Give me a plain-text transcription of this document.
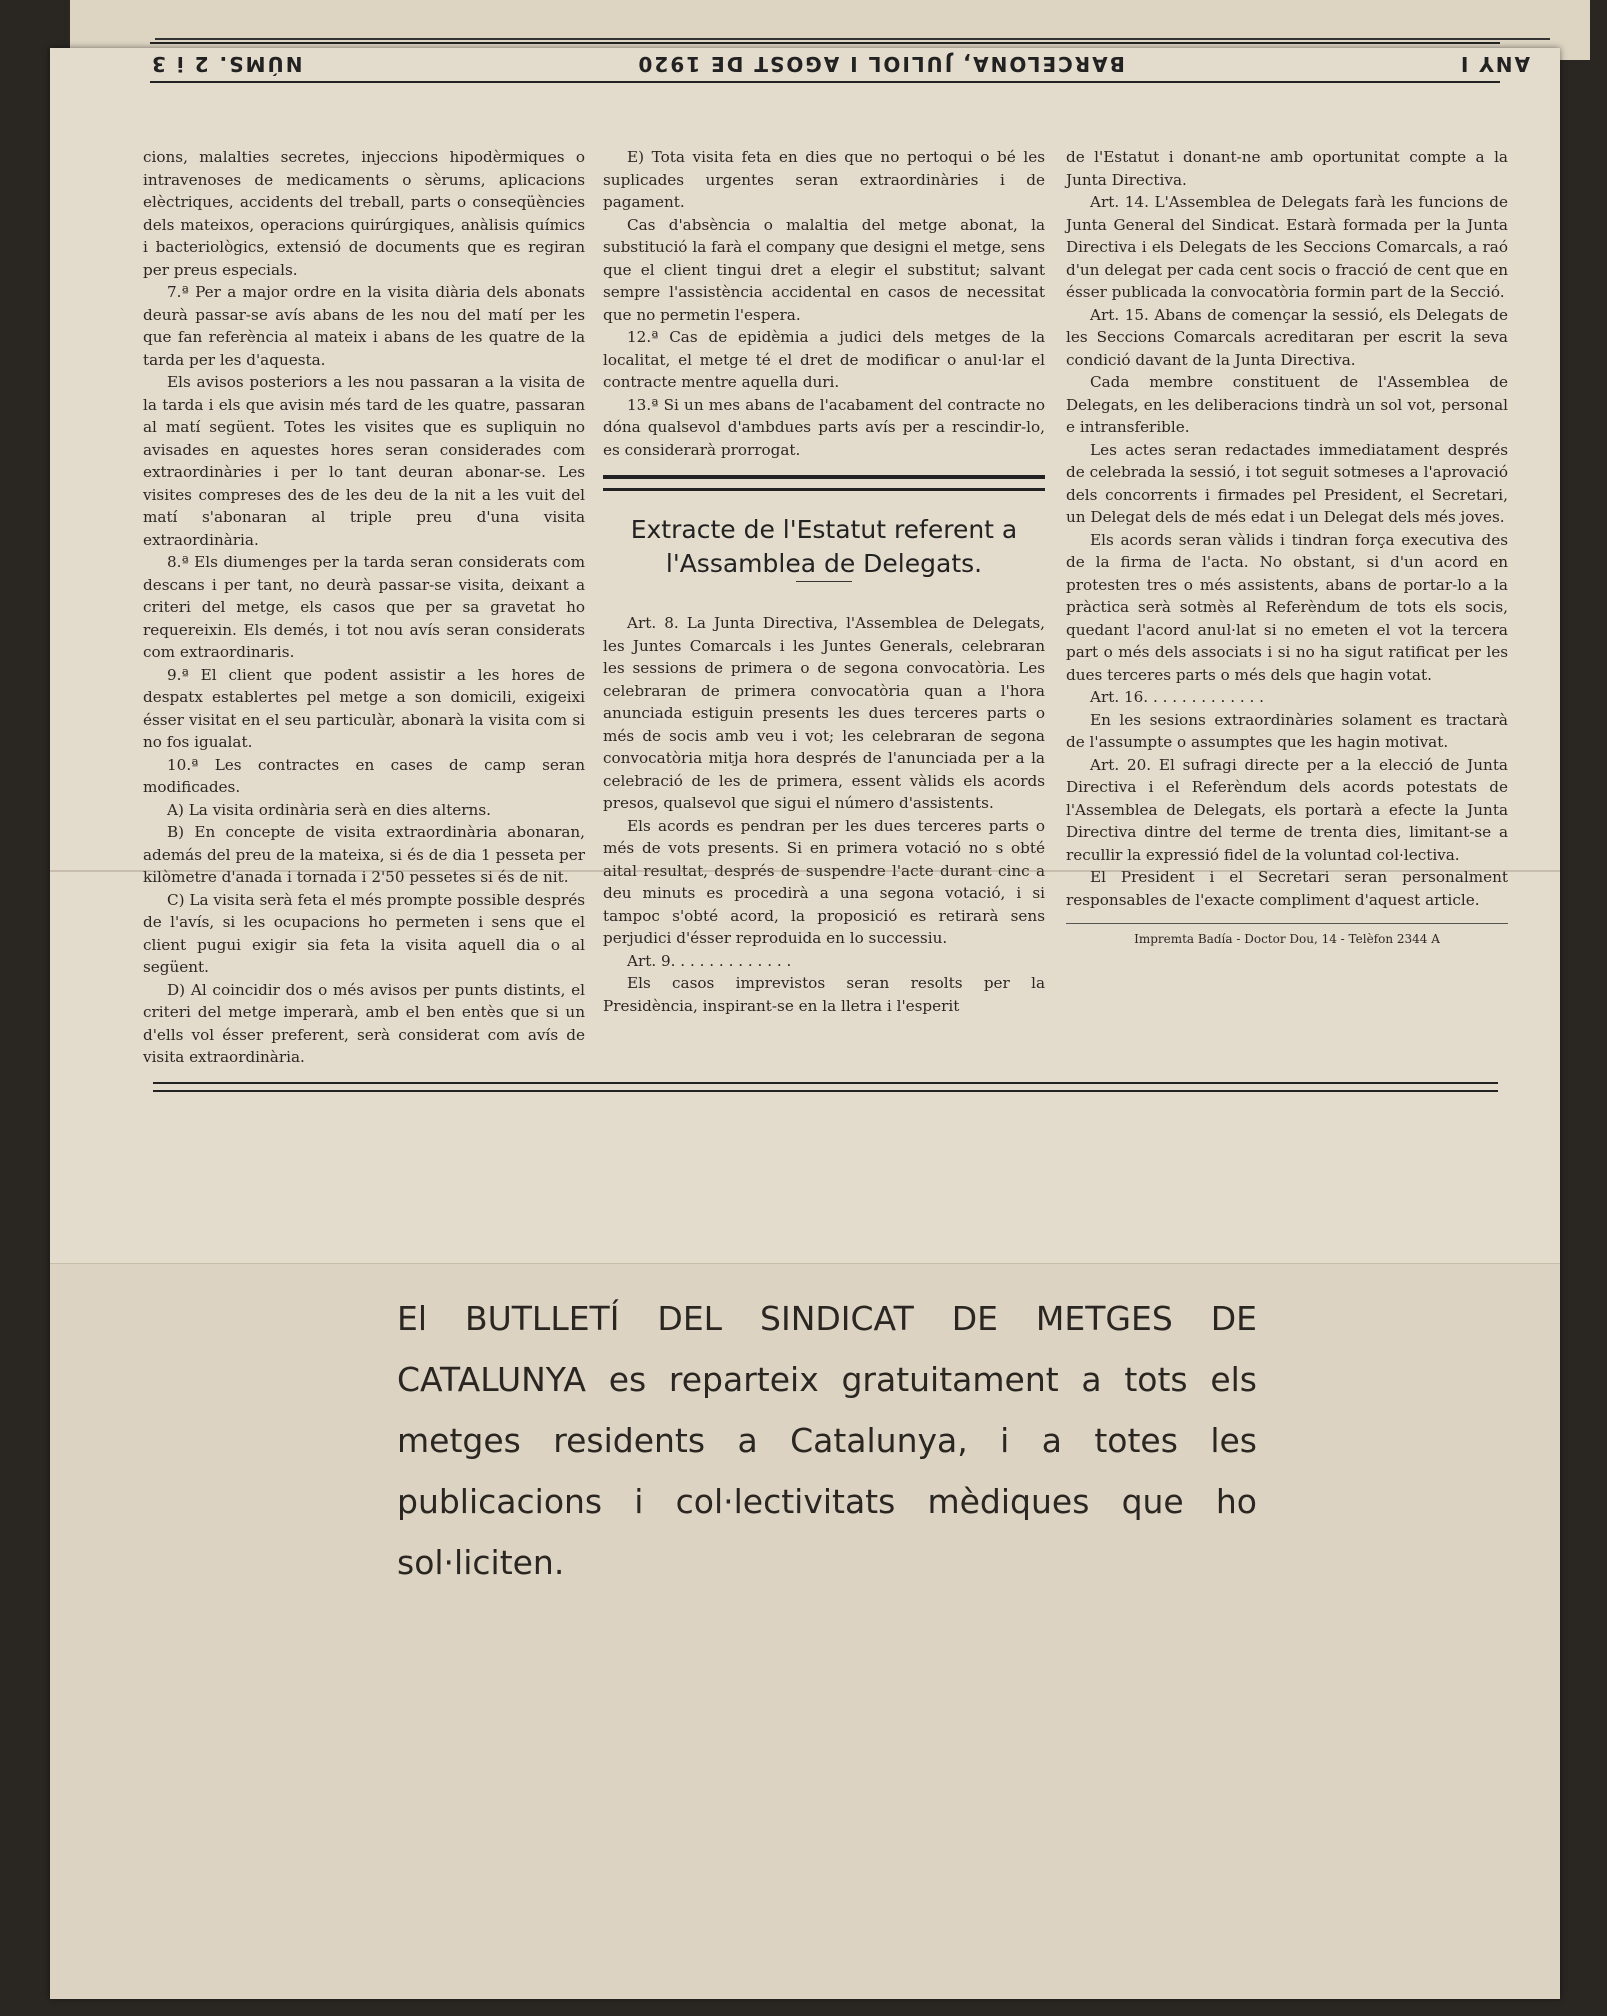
ANY I
BARCELONA, JULIOL I AGOST DE 1920
NÚMS. 2 i 3

cions, malalties secretes, injeccions hipodèrmiques o intravenoses de medicaments o sèrums, aplicacions elèctriques, accidents del treball, parts o conseqüències dels mateixos, operacions quirúrgiques, anàlisis químics i bacteriològics, extensió de documents que es regiran per preus especials.

7.ª Per a major ordre en la visita diària dels abonats deurà passar-se avís abans de les nou del matí per les que fan referència al mateix i abans de les quatre de la tarda per les d'aquesta.

Els avisos posteriors a les nou passaran a la visita de la tarda i els que avisin més tard de les quatre, passaran al matí següent. Totes les visites que es supliquin no avisades en aquestes hores seran considerades com extraordinàries i per lo tant deuran abonar-se. Les visites compreses des de les deu de la nit a les vuit del matí s'abonaran al triple preu d'una visita extraordinària.

8.ª Els diumenges per la tarda seran considerats com descans i per tant, no deurà passar-se visita, deixant a criteri del metge, els casos que per sa gravetat ho requereixin. Els demés, i tot nou avís seran considerats com extraordinaris.

9.ª El client que podent assistir a les hores de despatx establertes pel metge a son domicili, exigeixi ésser visitat en el seu particulàr, abonarà la visita com si no fos igualat.

10.ª Les contractes en cases de camp seran modificades.

A) La visita ordinària serà en dies alterns.

B) En concepte de visita extraordinària abonaran, además del preu de la mateixa, si és de dia 1 pesseta per kilòmetre d'anada i tornada i 2'50 pessetes si és de nit.

C) La visita serà feta el més prompte possible després de l'avís, si les ocupacions ho permeten i sens que el client pugui exigir sia feta la visita aquell dia o al següent.

D) Al coincidir dos o més avisos per punts distints, el criteri del metge imperarà, amb el ben entès que si un d'ells vol ésser preferent, serà considerat com avís de visita extraordinària.

E) Tota visita feta en dies que no pertoqui o bé les suplicades urgentes seran extraordinàries i de pagament.

Cas d'absència o malaltia del metge abonat, la substitució la farà el company que designi el metge, sens que el client tingui dret a elegir el substitut; salvant sempre l'assistència accidental en casos de necessitat que no permetin l'espera.

12.ª Cas de epidèmia a judici dels metges de la localitat, el metge té el dret de modificar o anul·lar el contracte mentre aquella duri.

13.ª Si un mes abans de l'acabament del contracte no dóna qualsevol d'ambdues parts avís per a rescindir-lo, es considerarà prorrogat.

Extracte de l'Estatut referent a l'Assamblea de Delegats.

Art. 8. La Junta Directiva, l'Assemblea de Delegats, les Juntes Comarcals i les Juntes Generals, celebraran les sessions de primera o de segona convocatòria. Les celebraran de primera convocatòria quan a l'hora anunciada estiguin presents les dues terceres parts o més de socis amb veu i vot; les celebraran de segona convocatòria mitja hora després de l'anunciada per a la celebració de les de primera, essent vàlids els acords presos, qualsevol que sigui el número d'assistents.

Els acords es pendran per les dues terceres parts o més de vots presents. Si en primera votació no s obté aital resultat, després de suspendre l'acte durant cinc a deu minuts es procedirà a una segona votació, i si tampoc s'obté acord, la proposició es retirarà sens perjudici d'ésser reproduida en lo successiu.

Art. 9. . . . . . . . . . . . .

Els casos imprevistos seran resolts per la Presidència, inspirant-se en la lletra i l'esperit

de l'Estatut i donant-ne amb oportunitat compte a la Junta Directiva.

Art. 14. L'Assemblea de Delegats farà les funcions de Junta General del Sindicat. Estarà formada per la Junta Directiva i els Delegats de les Seccions Comarcals, a raó d'un delegat per cada cent socis o fracció de cent que en ésser publicada la convocatòria formin part de la Secció.

Art. 15. Abans de començar la sessió, els Delegats de les Seccions Comarcals acreditaran per escrit la seva condició davant de la Junta Directiva.

Cada membre constituent de l'Assemblea de Delegats, en les deliberacions tindrà un sol vot, personal e intransferible.

Les actes seran redactades immediatament després de celebrada la sessió, i tot seguit sotmeses a l'aprovació dels concorrents i firmades pel President, el Secretari, un Delegat dels de més edat i un Delegat dels més joves.

Els acords seran vàlids i tindran força executiva des de la firma de l'acta. No obstant, si d'un acord en protesten tres o més assistents, abans de portar-lo a la pràctica serà sotmès al Referèndum de tots els socis, quedant l'acord anul·lat si no emeten el vot la tercera part o més dels associats i si no ha sigut ratificat per les dues terceres parts o més dels que hagin votat.

Art. 16. . . . . . . . . . . . .

En les sesions extraordinàries solament es tractarà de l'assumpte o assumptes que les hagin motivat.

Art. 20. El sufragi directe per a la elecció de Junta Directiva i el Referèndum dels acords potestats de l'Assemblea de Delegats, els portarà a efecte la Junta Directiva dintre del terme de trenta dies, limitant-se a recullir la expressió fidel de la voluntad col·lectiva.

El President i el Secretari seran personalment responsables de l'exacte compliment d'aquest article.

Impremta Badía - Doctor Dou, 14 - Telèfon 2344 A

El BUTLLETÍ DEL SINDICAT DE METGES DE CATALUNYA es reparteix gratuitament a tots els metges residents a Catalunya, i a totes les publicacions i col·lectivitats mèdiques que ho sol·liciten.
